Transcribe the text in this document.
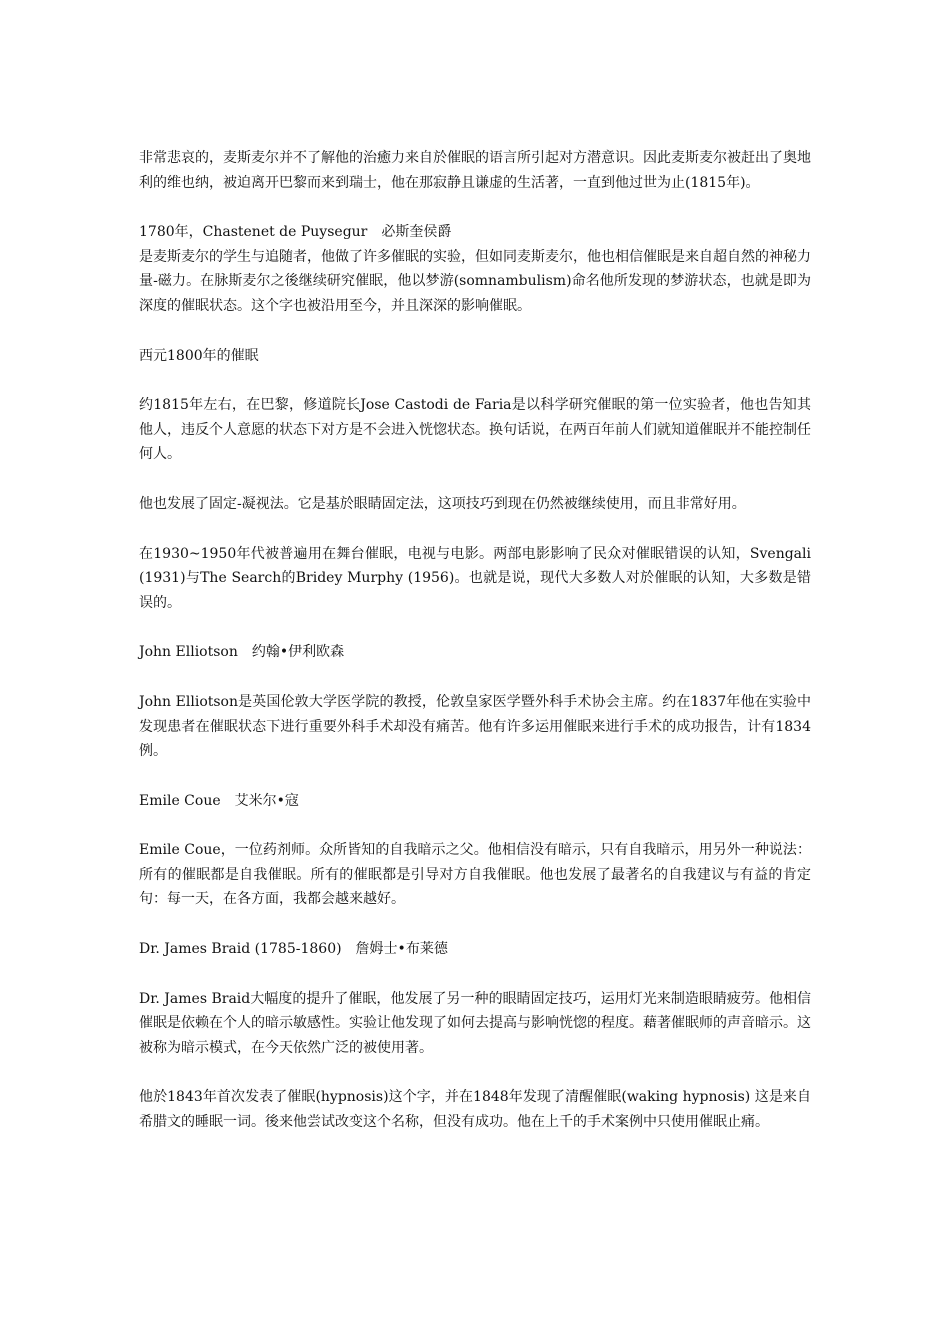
非常悲哀的，麦斯麦尔并不了解他的治癒力来自於催眠的语言所引起对方潜意识。因此麦斯麦尔被赶出了奥地利的维也纳，被迫离开巴黎而来到瑞士，他在那寂静且谦虚的生活著，一直到他过世为止(1815年)。

1780年，Chastenet de Puysegur　必斯奎侯爵

是麦斯麦尔的学生与追随者，他做了许多催眠的实验，但如同麦斯麦尔，他也相信催眠是来自超自然的神秘力量-磁力。在脉斯麦尔之後继续研究催眠，他以梦游(somnambulism)命名他所发现的梦游状态，也就是即为深度的催眠状态。这个字也被沿用至今，并且深深的影响催眠。

西元1800年的催眠

约1815年左右，在巴黎，修道院长Jose Castodi de Faria是以科学研究催眠的第一位实验者，他也告知其他人，违反个人意愿的状态下对方是不会进入恍惚状态。换句话说，在两百年前人们就知道催眠并不能控制任何人。

他也发展了固定-凝视法。它是基於眼睛固定法，这项技巧到现在仍然被继续使用，而且非常好用。

在1930~1950年代被普遍用在舞台催眠，电视与电影。两部电影影响了民众对催眠错误的认知，Svengali (1931)与The Search的Bridey Murphy (1956)。也就是说，现代大多数人对於催眠的认知，大多数是错误的。

John Elliotson　约翰•伊利欧森

John Elliotson是英国伦敦大学医学院的教授，伦敦皇家医学暨外科手术协会主席。约在1837年他在实验中发现患者在催眠状态下进行重要外科手术却没有痛苦。他有许多运用催眠来进行手术的成功报告，计有1834例。

Emile Coue　艾米尔•寇

Emile Coue，一位药剂师。众所皆知的自我暗示之父。他相信没有暗示，只有自我暗示，用另外一种说法：所有的催眠都是自我催眠。所有的催眠都是引导对方自我催眠。他也发展了最著名的自我建议与有益的肯定句：每一天，在各方面，我都会越来越好。

Dr. James Braid (1785-1860)　詹姆士•布莱德

Dr. James Braid大幅度的提升了催眠，他发展了另一种的眼睛固定技巧，运用灯光来制造眼睛疲劳。他相信催眠是依赖在个人的暗示敏感性。实验让他发现了如何去提高与影响恍惚的程度。藉著催眠师的声音暗示。这被称为暗示模式，在今天依然广泛的被使用著。

他於1843年首次发表了催眠(hypnosis)这个字，并在1848年发现了清醒催眠(waking hypnosis) 这是来自希腊文的睡眠一词。後来他尝试改变这个名称，但没有成功。他在上千的手术案例中只使用催眠止痛。
